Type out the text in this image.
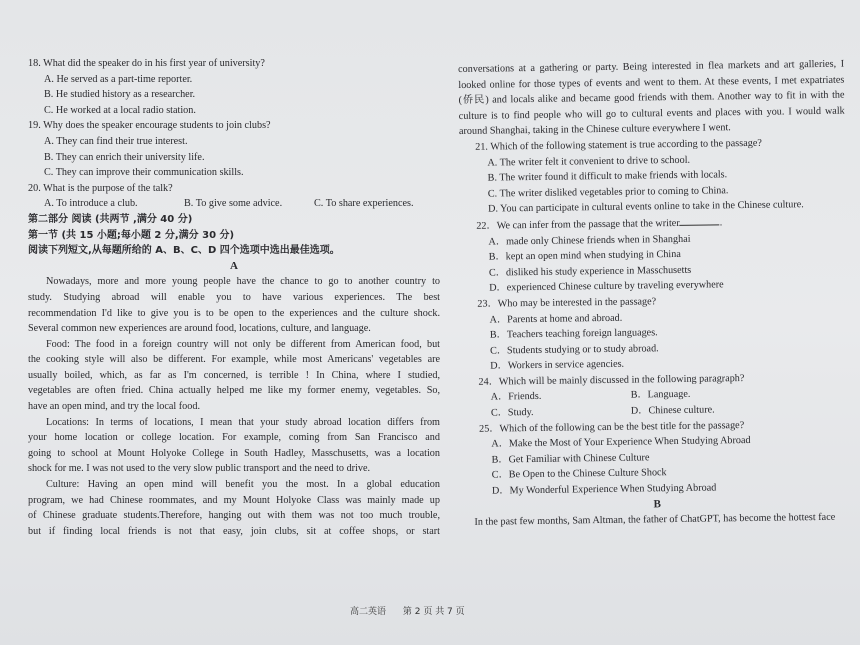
18. What did the speaker do in his first year of university?
A. He served as a part-time reporter.
B. He studied history as a researcher.
C. He worked at a local radio station.
19. Why does the speaker encourage students to join clubs?
A. They can find their true interest.
B. They can enrich their university life.
C. They can improve their communication skills.
20. What is the purpose of the talk?
A. To introduce a club.	B. To give some advice.	C. To share experiences.
第二部分 阅读 (共两节 ,满分 40 分)
第一节 (共 15 小题;每小题 2 分,满分 30 分)
阅读下列短文,从每题所给的 A、B、C、D 四个选项中选出最佳选项。
A
Nowadays, more and more young people have the chance to go to another country to
study. Studying abroad will enable you to have various experiences. The best
recommendation I'd like to give you is to be open to the experiences and the culture shock.
Several common new experiences are around food, locations, culture, and language.
Food: The food in a foreign country will not only be different from American food, but
the cooking style will also be different. For example, while most Americans' vegetables are
usually boiled, which, as far as I'm concerned, is terrible ! In China, where I studied,
vegetables are often fried. China actually helped me like my former enemy, vegetables. So,
have an open mind, and try the local food.
Locations: In terms of locations, I mean that your study abroad location differs from
your home location or college location. For example, coming from San Francisco and
going to school at Mount Holyoke College in South Hadley, Masschusetts, was a location
shock for me. I was not used to the very slow public transport and the need to drive.
Culture: Having an open mind will benefit you the most. In a global education
program, we had Chinese roommates, and my Mount Holyoke Class was mainly made up
of Chinese graduate students.Therefore, hanging out with them was not too much trouble,
but if finding local friends is not that easy, join clubs, sit at coffee shops, or start
conversations at a gathering or party. Being interested in flea markets and art galleries, I
looked online for those types of events and went to them. At these events, I met expatriates
(侨民) and locals alike and became good friends with them. Another way to fit in with the
culture is to find people who will go to cultural events and places with you. I would walk
around Shanghai, taking in the Chinese culture everywhere I went.
21. Which of the following statement is true according to the passage?
A. The writer felt it convenient to drive to school.
B. The writer found it difficult to make friends with locals.
C. The writer disliked vegetables prior to coming to China.
D. You can participate in cultural events online to take in the Chinese culture.
22．We can infer from the passage that the writer	.
A．made only Chinese friends when in Shanghai
B．kept an open mind when studying in China
C．disliked his study experience in Masschusetts
D．experienced Chinese culture by traveling everywhere
23．Who may be interested in the passage?
A．Parents at home and abroad.
B．Teachers teaching foreign languages.
C．Students studying or to study abroad.
D．Workers in service agencies.
24．Which will be mainly discussed in the following paragraph?
A．Friends.	B．Language.
C．Study.	D．Chinese culture.
25．Which of the following can be the best title for the passage?
A．Make the Most of Your Experience When Studying Abroad
B．Get Familiar with Chinese Culture
C．Be Open to the Chinese Culture Shock
D．My Wonderful Experience When Studying Abroad
B
In the past few months, Sam Altman, the father of ChatGPT, has become the hottest face
高二英语 第 2 页 共 7 页
